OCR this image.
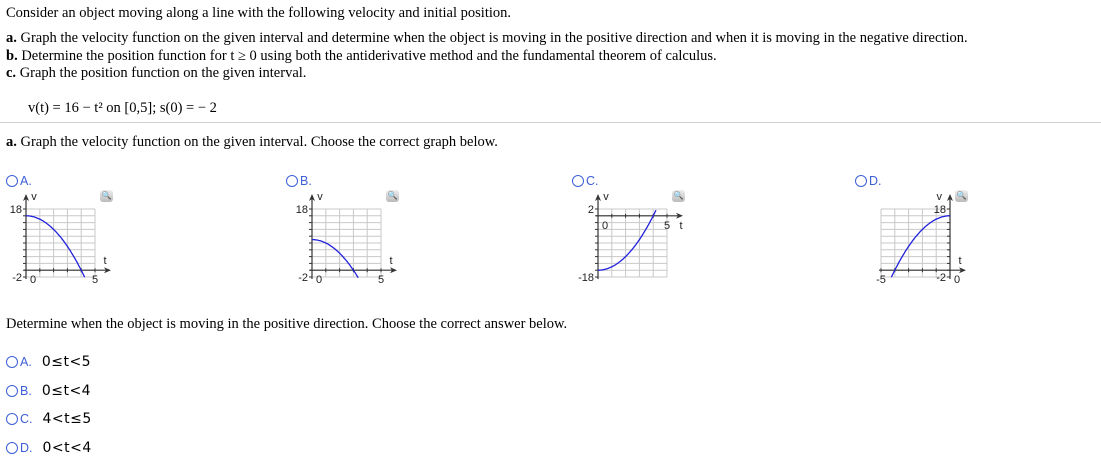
Consider an object moving along a line with the following velocity and initial position.
a. Graph the velocity function on the given interval and determine when the object is moving in the positive direction and when it is moving in the negative direction.
b. Determine the position function for t ≥ 0 using both the antiderivative method and the fundamental theorem of calculus.
c. Graph the position function on the given interval.
v(t) = 16 − t² on [0,5]; s(0) = − 2
a. Graph the velocity function on the given interval. Choose the correct graph below.
A.
18
-2 0	5
t
v	🔍
B.
18
-2 0	5
t
v	🔍
C.
2
-18
0	5 t
v	🔍
D.
18
-2
-5	0
t
v 🔍
Determine when the object is moving in the positive direction. Choose the correct answer below.
A. 0≤t<5
B. 0≤t<4
C. 4<t≤5
D. 0<t<4
